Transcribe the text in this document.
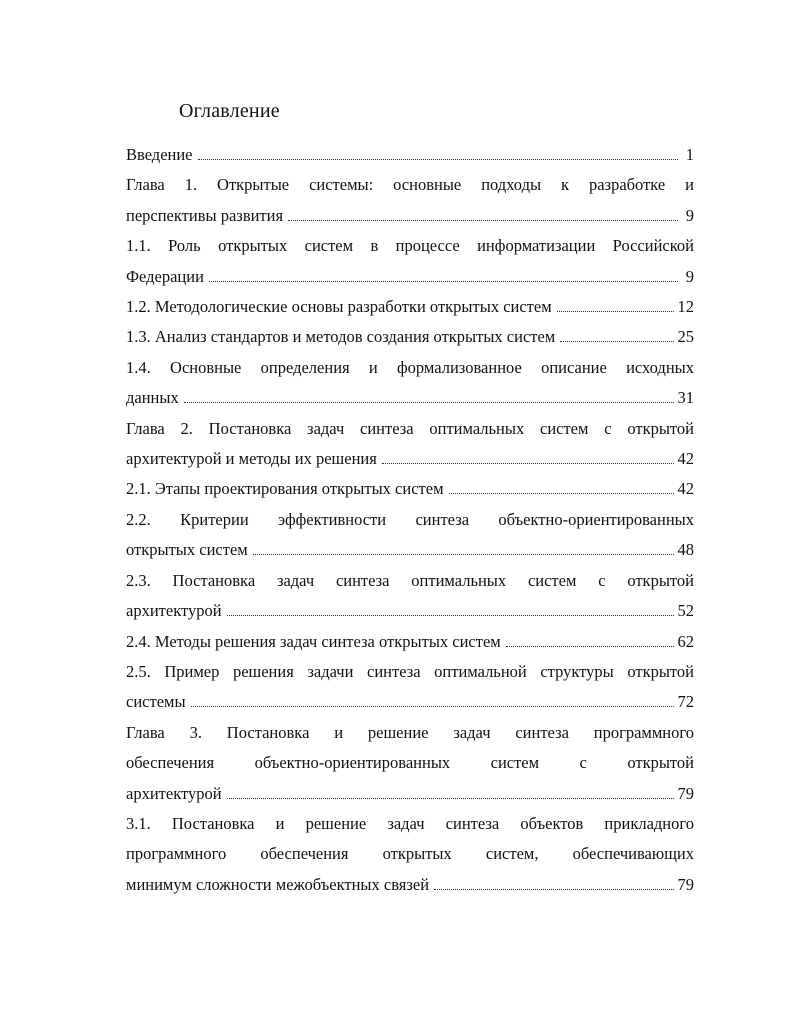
Оглавление
Введение	1
Глава 1. Открытые системы: основные подходы к разработке и
перспективы развития	9
1.1. Роль открытых систем в процессе информатизации Российской
Федерации	9
1.2. Методологические основы разработки открытых систем	12
1.3. Анализ стандартов и методов создания открытых систем	25
1.4. Основные определения и формализованное описание исходных
данных	31
Глава 2. Постановка задач синтеза оптимальных систем с открытой
архитектурой и методы их решения	42
2.1. Этапы проектирования открытых систем	42
2.2. Критерии эффективности синтеза объектно-ориентированных
открытых систем	48
2.3. Постановка задач синтеза оптимальных систем с открытой
архитектурой	52
2.4. Методы решения задач синтеза открытых систем	62
2.5. Пример решения задачи синтеза оптимальной структуры открытой
системы	72
Глава 3. Постановка и решение задач синтеза программного
обеспечения объектно-ориентированных систем с открытой
архитектурой	79
3.1. Постановка и решение задач синтеза объектов прикладного
программного обеспечения открытых систем, обеспечивающих
минимум сложности межобъектных связей	79
